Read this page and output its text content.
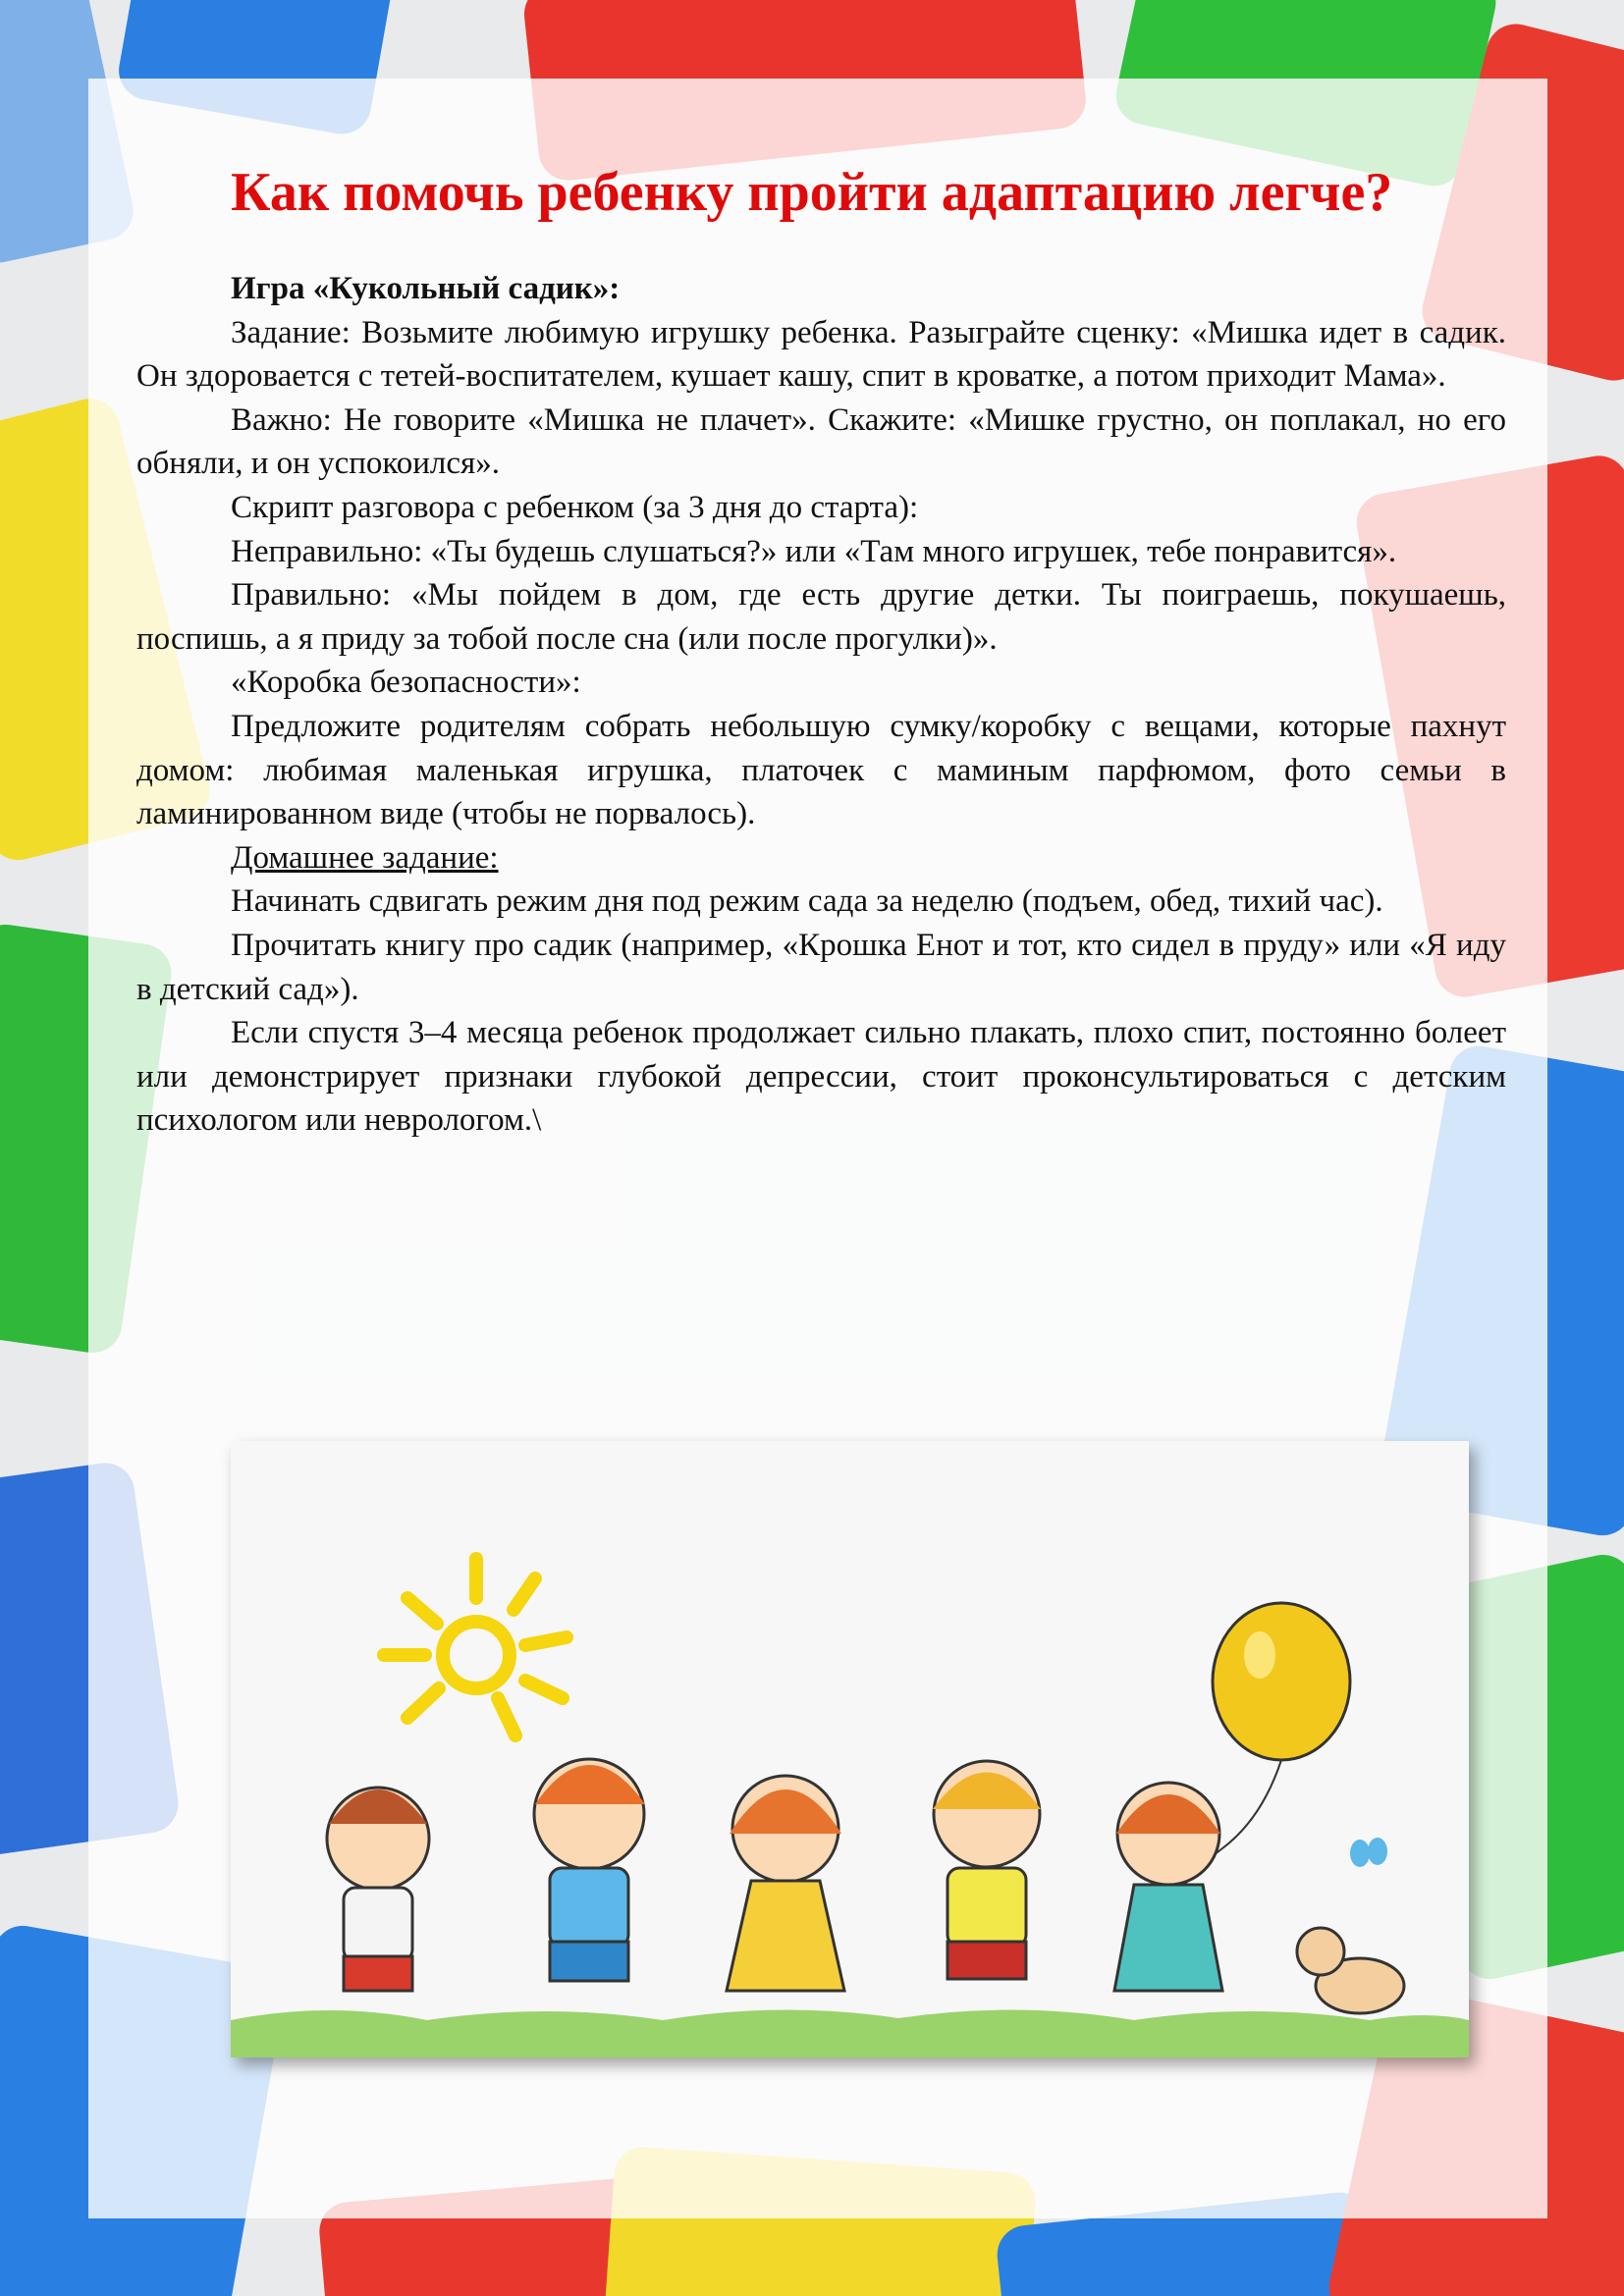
Как помочь ребенку пройти адаптацию легче?

Игра «Кукольный садик»:

Задание: Возьмите любимую игрушку ребенка. Разыграйте сценку: «Мишка идет в садик. Он здоровается с тетей-воспитателем, кушает кашу, спит в кроватке, а потом приходит Мама».

Важно: Не говорите «Мишка не плачет». Скажите: «Мишке грустно, он поплакал, но его обняли, и он успокоился».

Скрипт разговора с ребенком (за 3 дня до старта):

Неправильно: «Ты будешь слушаться?» или «Там много игрушек, тебе понравится».

Правильно: «Мы пойдем в дом, где есть другие детки. Ты поиграешь, покушаешь, поспишь, а я приду за тобой после сна (или после прогулки)».

«Коробка безопасности»:

Предложите родителям собрать небольшую сумку/коробку с вещами, которые пахнут домом: любимая маленькая игрушка, платочек с маминым парфюмом, фото семьи в ламинированном виде (чтобы не порвалось).

Домашнее задание:

Начинать сдвигать режим дня под режим сада за неделю (подъем, обед, тихий час).

Прочитать книгу про садик (например, «Крошка Енот и тот, кто сидел в пруду» или «Я иду в детский сад»).

Если спустя 3–4 месяца ребенок продолжает сильно плакать, плохо спит, постоянно болеет или демонстрирует признаки глубокой депрессии, стоит проконсультироваться с детским психологом или неврологом.\
